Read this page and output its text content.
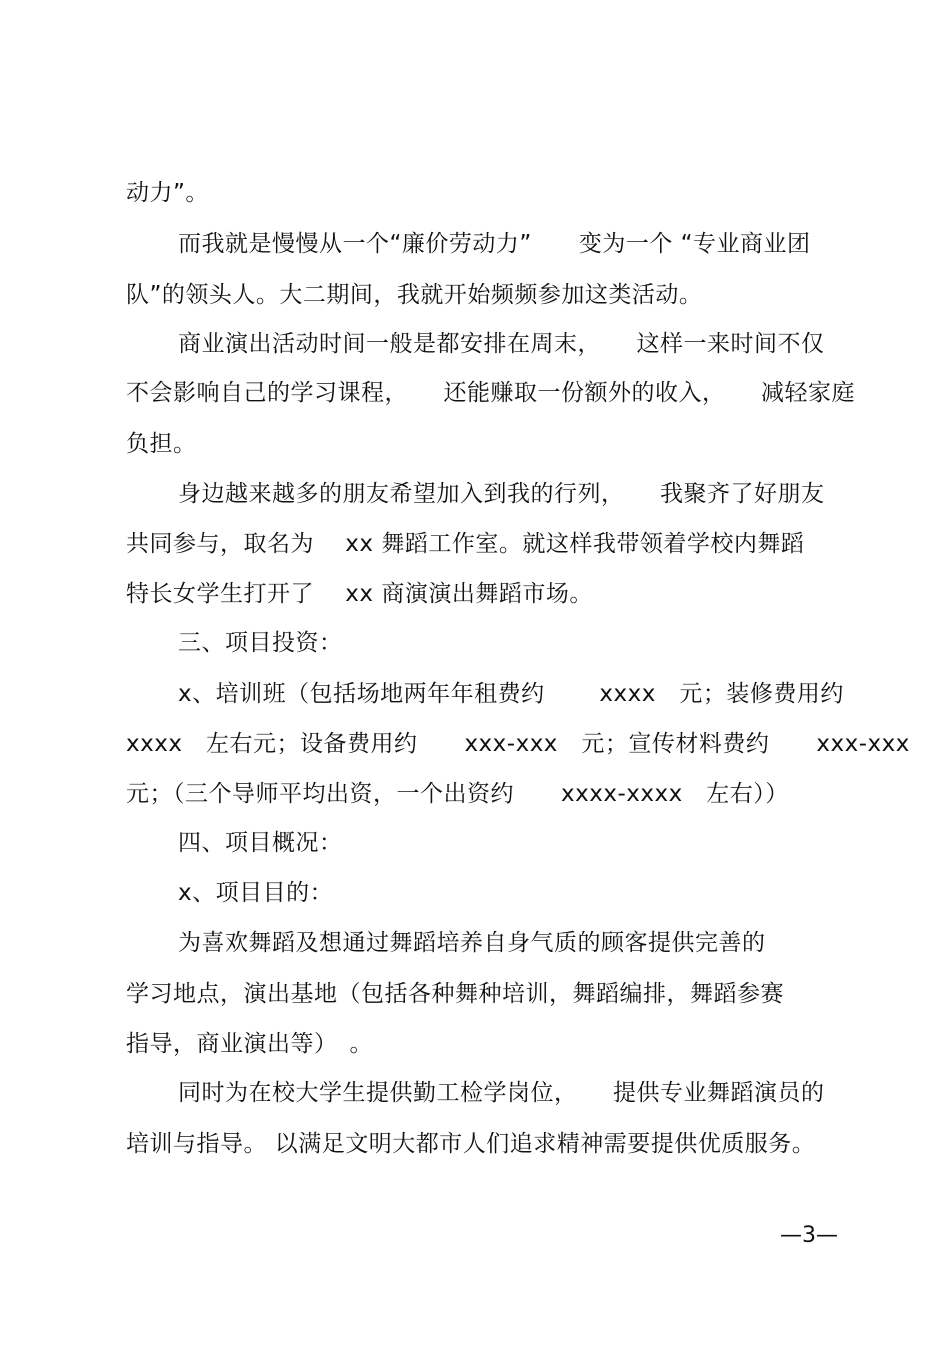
动力”。
而我就是慢慢从一个“廉价劳动力”　　变为一个 “专业商业团
队”的领头人。大二期间，我就开始频频参加这类活动。
商业演出活动时间一般是都安排在周末，　　这样一来时间不仅
不会影响自己的学习课程，　　还能赚取一份额外的收入，　　减轻家庭
负担。
身边越来越多的朋友希望加入到我的行列，　　我聚齐了好朋友
共同参与，取名为　 xx 舞蹈工作室。就这样我带领着学校内舞蹈
特长女学生打开了　 xx 商演演出舞蹈市场。
三、项目投资：
x、培训班（包括场地两年年租费约　　 xxxx　元；装修费用约
xxxx　左右元；设备费用约　　xxx-xxx　元；宣传材料费约　　xxx-xxx
元；（三个导师平均出资，一个出资约　　xxxx-xxxx　左右））
四、项目概况：
x、项目目的：
为喜欢舞蹈及想通过舞蹈培养自身气质的顾客提供完善的
学习地点，演出基地（包括各种舞种培训，舞蹈编排，舞蹈参赛
指导，商业演出等）　。
同时为在校大学生提供勤工检学岗位，　　提供专业舞蹈演员的
培训与指导。 以满足文明大都市人们追求精神需要提供优质服务。
—3—
